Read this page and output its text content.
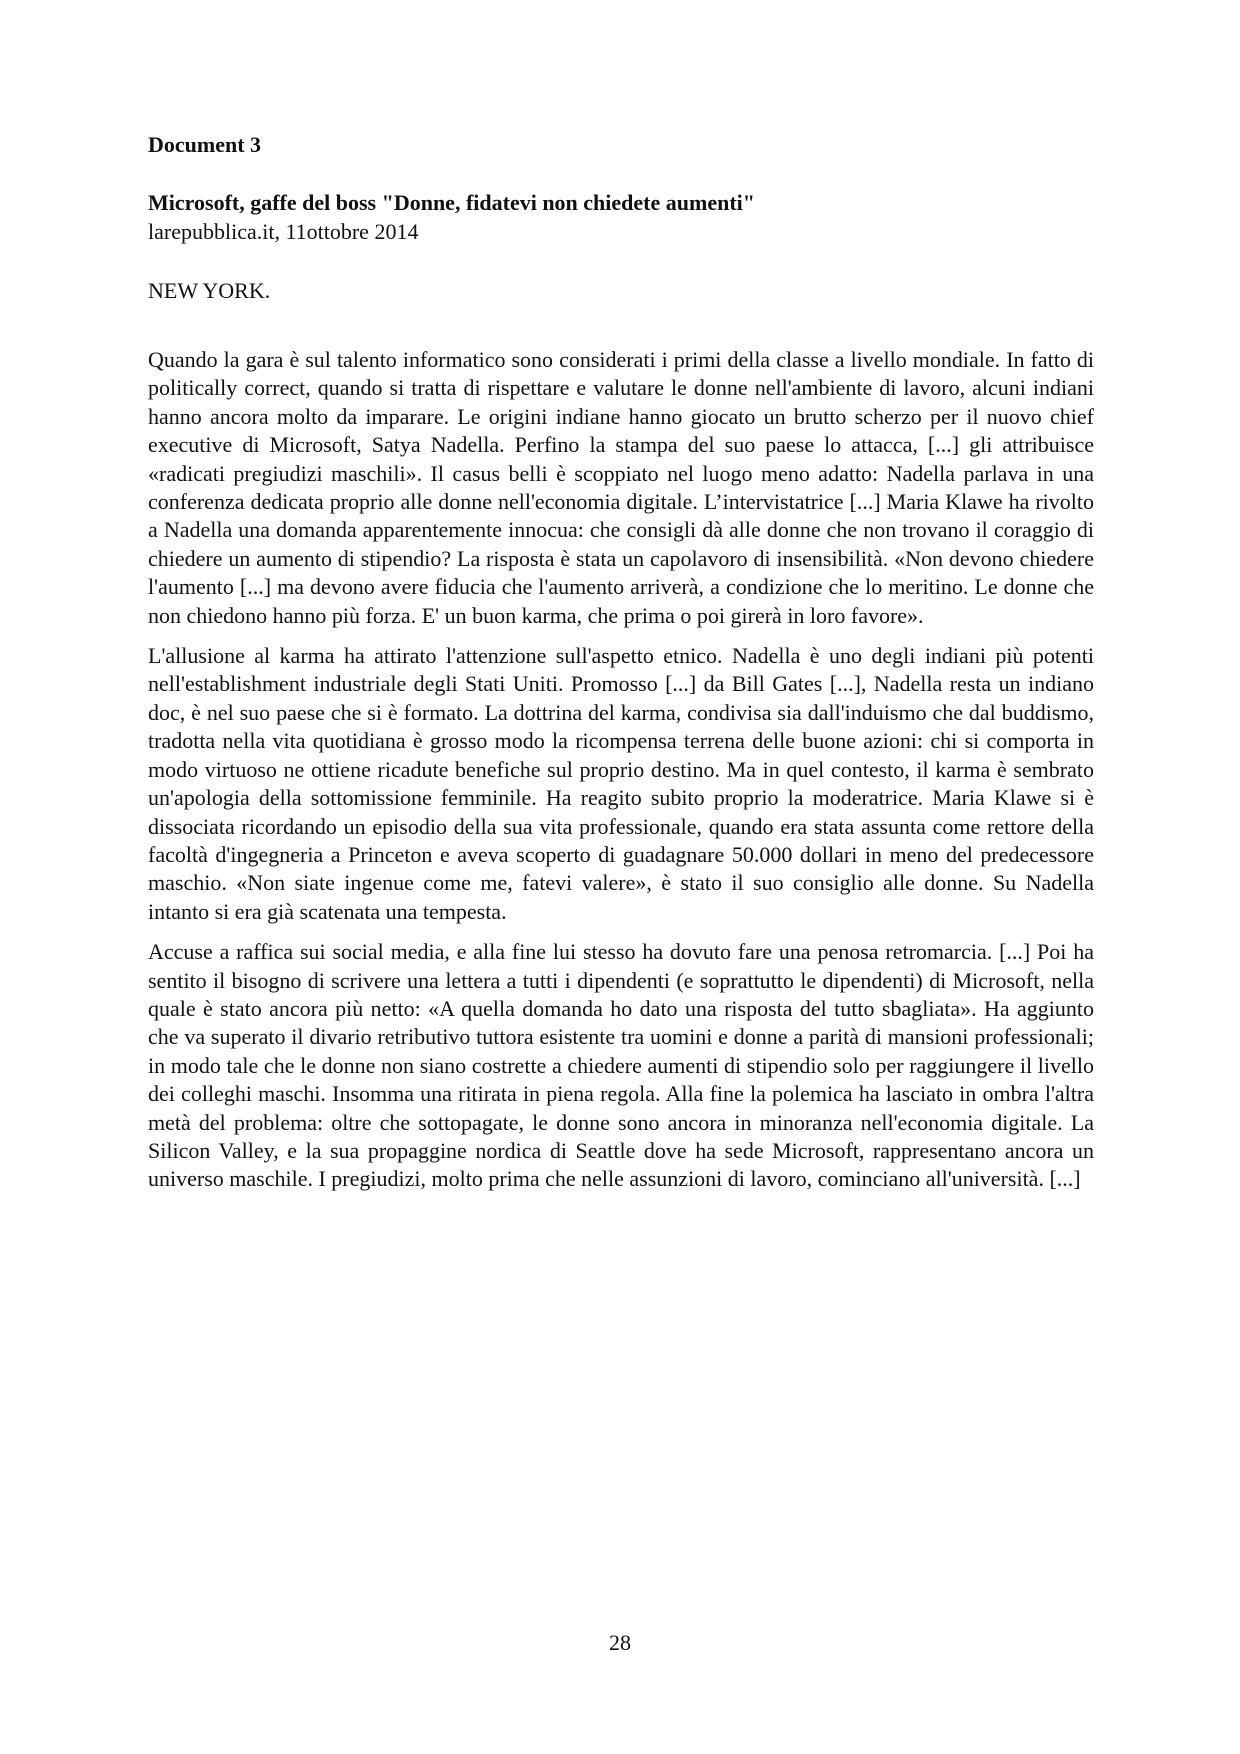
Document 3
Microsoft, gaffe del boss "Donne, fidatevi non chiedete aumenti"

larepubblica.it, 11ottobre 2014

NEW YORK.

Quando la gara è sul talento informatico sono considerati i primi della classe a livello mondiale. In fatto di politically correct, quando si tratta di rispettare e valutare le donne nell'ambiente di lavoro, alcuni indiani hanno ancora molto da imparare. Le origini indiane hanno giocato un brutto scherzo per il nuovo chief executive di Microsoft, Satya Nadella. Perfino la stampa del suo paese lo attacca, [...] gli attribuisce «radicati pregiudizi maschili». Il casus belli è scoppiato nel luogo meno adatto: Nadella parlava in una conferenza dedicata proprio alle donne nell'economia digitale. L’intervistatrice [...] Maria Klawe ha rivolto a Nadella una domanda apparentemente innocua: che consigli dà alle donne che non trovano il coraggio di chiedere un aumento di stipendio? La risposta è stata un capolavoro di insensibilità. «Non devono chiedere l'aumento [...] ma devono avere fiducia che l'aumento arriverà, a condizione che lo meritino. Le donne che non chiedono hanno più forza. E' un buon karma, che prima o poi girerà in loro favore».

L'allusione al karma ha attirato l'attenzione sull'aspetto etnico. Nadella è uno degli indiani più potenti nell'establishment industriale degli Stati Uniti. Promosso [...] da Bill Gates [...], Nadella resta un indiano doc, è nel suo paese che si è formato. La dottrina del karma, condivisa sia dall'induismo che dal buddismo, tradotta nella vita quotidiana è grosso modo la ricompensa terrena delle buone azioni: chi si comporta in modo virtuoso ne ottiene ricadute benefiche sul proprio destino. Ma in quel contesto, il karma è sembrato un'apologia della sottomissione femminile. Ha reagito subito proprio la moderatrice. Maria Klawe si è dissociata ricordando un episodio della sua vita professionale, quando era stata assunta come rettore della facoltà d'ingegneria a Princeton e aveva scoperto di guadagnare 50.000 dollari in meno del predecessore maschio. «Non siate ingenue come me, fatevi valere», è stato il suo consiglio alle donne. Su Nadella intanto si era già scatenata una tempesta.

Accuse a raffica sui social media, e alla fine lui stesso ha dovuto fare una penosa retromarcia. [...] Poi ha sentito il bisogno di scrivere una lettera a tutti i dipendenti (e soprattutto le dipendenti) di Microsoft, nella quale è stato ancora più netto: «A quella domanda ho dato una risposta del tutto sbagliata». Ha aggiunto che va superato il divario retributivo tuttora esistente tra uomini e donne a parità di mansioni professionali; in modo tale che le donne non siano costrette a chiedere aumenti di stipendio solo per raggiungere il livello dei colleghi maschi. Insomma una ritirata in piena regola. Alla fine la polemica ha lasciato in ombra l'altra metà del problema: oltre che sottopagate, le donne sono ancora in minoranza nell'economia digitale. La Silicon Valley, e la sua propaggine nordica di Seattle dove ha sede Microsoft, rappresentano ancora un universo maschile. I pregiudizi, molto prima che nelle assunzioni di lavoro, cominciano all'università. [...]

28
